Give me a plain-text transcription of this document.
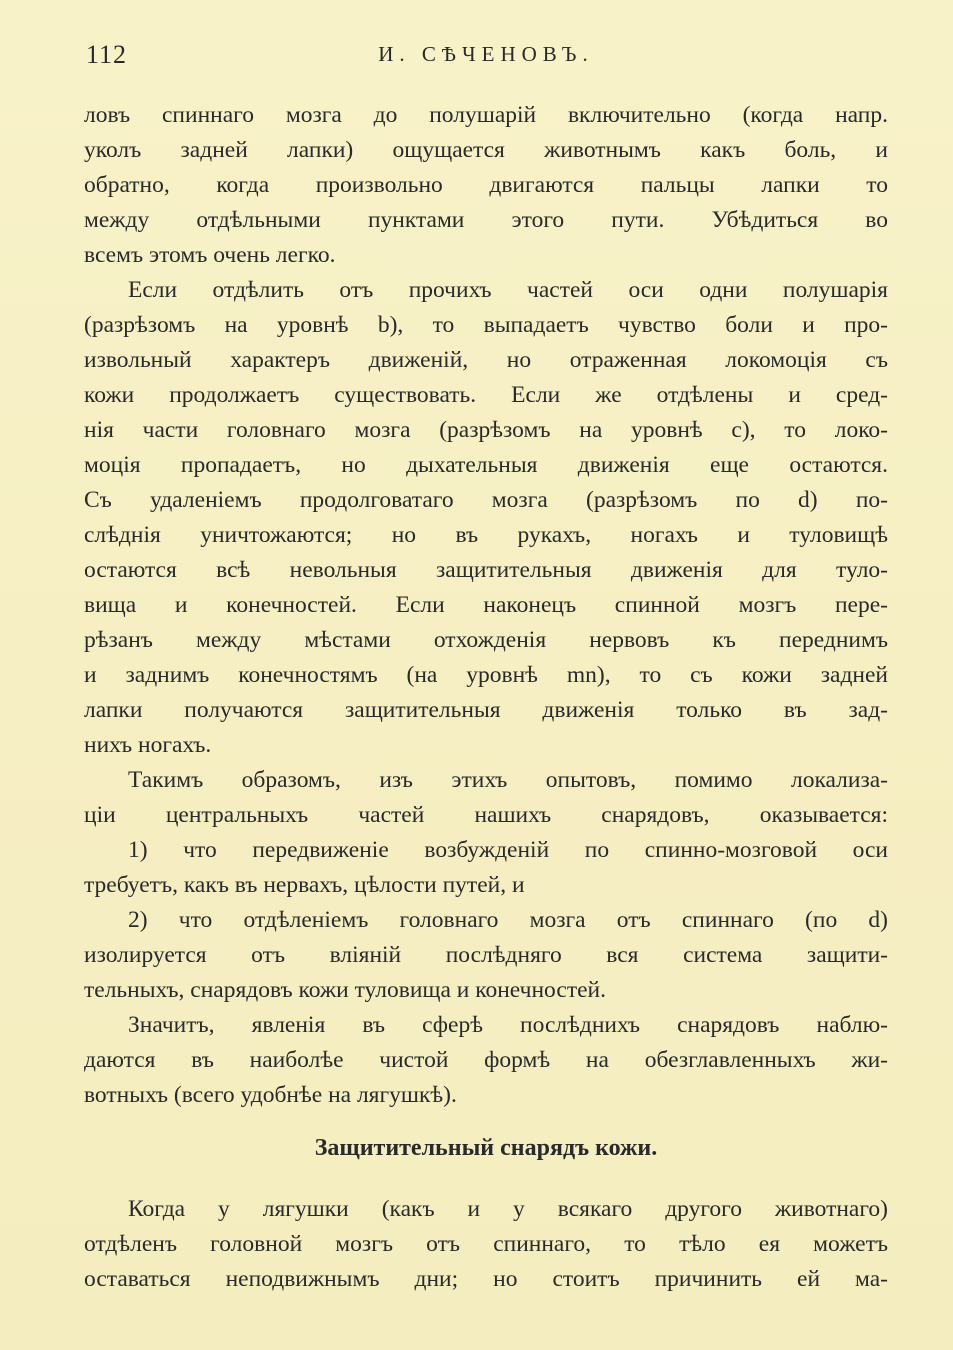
112	И. СѢЧЕНОВЪ.
ловъ спиннаго мозга до полушарій включительно (когда напр.
уколъ задней лапки) ощущается животнымъ какъ боль, и
обратно, когда произвольно двигаются пальцы лапки то
между отдѣльными пунктами этого пути. Убѣдиться во
всемъ этомъ очень легко.
Если отдѣлить отъ прочихъ частей оси одни полушарія
(разрѣзомъ на уровнѣ b), то выпадаетъ чувство боли и про-
извольный характеръ движеній, но отраженная локомоція съ
кожи продолжаетъ существовать. Если же отдѣлены и сред-
нія части головнаго мозга (разрѣзомъ на уровнѣ c), то локо-
моція пропадаетъ, но дыхательныя движенія еще остаются.
Съ удаленіемъ продолговатаго мозга (разрѣзомъ по d) по-
слѣднія уничтожаются; но въ рукахъ, ногахъ и туловищѣ
остаются всѣ невольныя защитительныя движенія для туло-
вища и конечностей. Если наконецъ спинной мозгъ пере-
рѣзанъ между мѣстами отхожденія нервовъ къ переднимъ
и заднимъ конечностямъ (на уровнѣ mn), то съ кожи задней
лапки получаются защитительныя движенія только въ зад-
нихъ ногахъ.
Такимъ образомъ, изъ этихъ опытовъ, помимо локализа-
ціи центральныхъ частей нашихъ снарядовъ, оказывается:
1) что передвиженіе возбужденій по спинно-мозговой оси
требуетъ, какъ въ нервахъ, цѣлости путей, и
2) что отдѣленіемъ головнаго мозга отъ спиннаго (по d)
изолируется отъ вліяній послѣдняго вся система защити-
тельныхъ, снарядовъ кожи туловища и конечностей.
Значитъ, явленія въ сферѣ послѣднихъ снарядовъ наблю-
даются въ наиболѣе чистой формѣ на обезглавленныхъ жи-
вотныхъ (всего удобнѣе на лягушкѣ).
Защитительный снарядъ кожи.
Когда у лягушки (какъ и у всякаго другого животнаго)
отдѣленъ головной мозгъ отъ спиннаго, то тѣло ея можетъ
оставаться неподвижнымъ дни; но стоитъ причинить ей ма-
